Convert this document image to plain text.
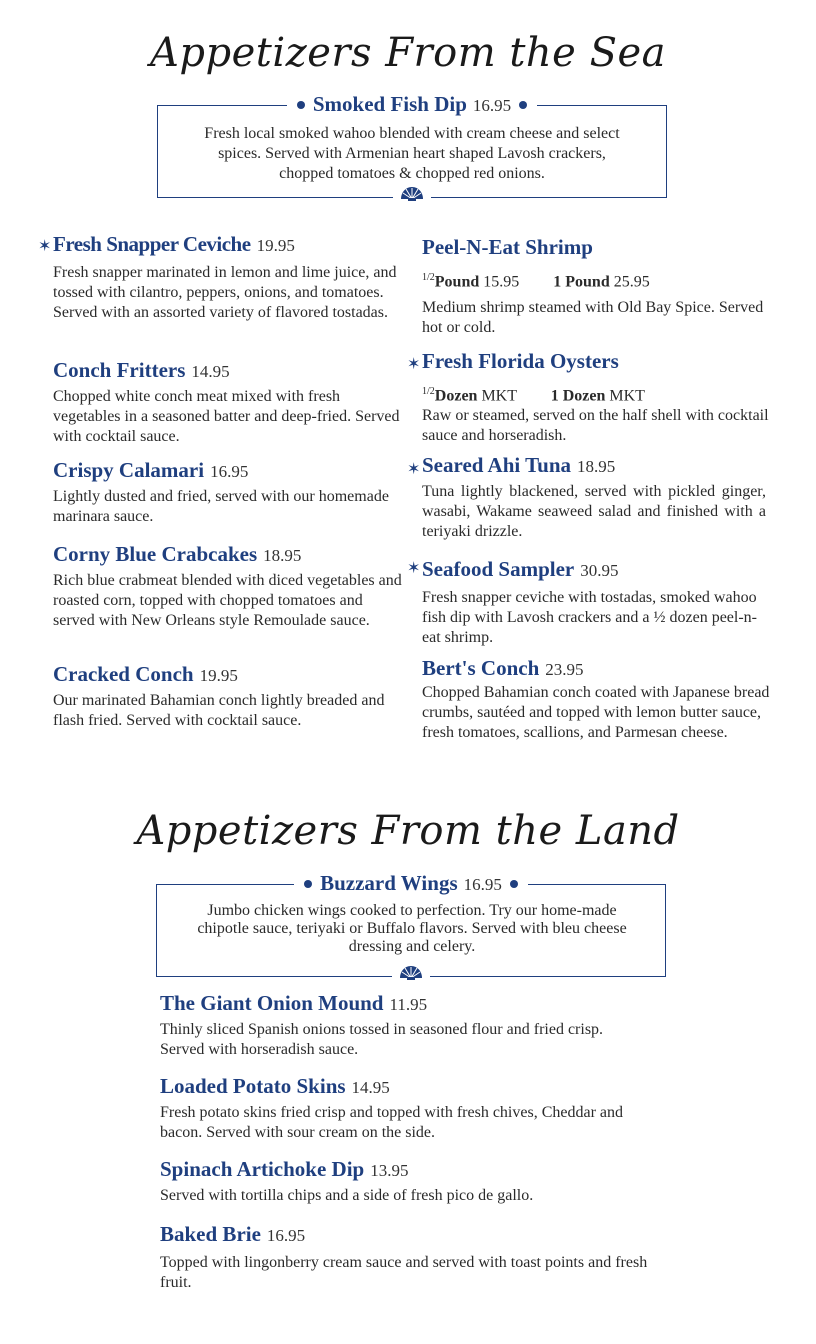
Appetizers From the Sea
Smoked Fish Dip 16.95
Fresh local smoked wahoo blended with cream cheese and select spices. Served with Armenian heart shaped Lavosh crackers, chopped tomatoes & chopped red onions.
✶ Fresh Snapper Ceviche 19.95
Fresh snapper marinated in lemon and lime juice, and tossed with cilantro, peppers, onions, and tomatoes. Served with an assorted variety of flavored tostadas.
Conch Fritters 14.95
Chopped white conch meat mixed with fresh vegetables in a seasoned batter and deep-fried. Served with cocktail sauce.
Crispy Calamari 16.95
Lightly dusted and fried, served with our homemade marinara sauce.
Corny Blue Crabcakes 18.95
Rich blue crabmeat blended with diced vegetables and roasted corn, topped with chopped tomatoes and served with New Orleans style Remoulade sauce.
Cracked Conch 19.95
Our marinated Bahamian conch lightly breaded and flash fried. Served with cocktail sauce.
Peel-N-Eat Shrimp
$^{1/2}$Pound 15.95 1 Pound 25.95
Medium shrimp steamed with Old Bay Spice. Served hot or cold.
✶ Fresh Florida Oysters
$^{1/2}$Dozen MKT 1 Dozen MKT
Raw or steamed, served on the half shell with cocktail sauce and horseradish.
✶ Seared Ahi Tuna 18.95
Tuna lightly blackened, served with pickled ginger, wasabi, Wakame seaweed salad and finished with a teriyaki drizzle.
✶ Seafood Sampler 30.95
Fresh snapper ceviche with tostadas, smoked wahoo fish dip with Lavosh crackers and a ½ dozen peel-n-eat shrimp.
Bert's Conch 23.95
Chopped Bahamian conch coated with Japanese bread crumbs, sautéed and topped with lemon butter sauce, fresh tomatoes, scallions, and Parmesan cheese.
Appetizers From the Land
Buzzard Wings 16.95
Jumbo chicken wings cooked to perfection. Try our home-made chipotle sauce, teriyaki or Buffalo flavors. Served with bleu cheese dressing and celery.
The Giant Onion Mound 11.95
Thinly sliced Spanish onions tossed in seasoned flour and fried crisp. Served with horseradish sauce.
Loaded Potato Skins 14.95
Fresh potato skins fried crisp and topped with fresh chives, Cheddar and bacon. Served with sour cream on the side.
Spinach Artichoke Dip 13.95
Served with tortilla chips and a side of fresh pico de gallo.
Baked Brie 16.95
Topped with lingonberry cream sauce and served with toast points and fresh fruit.
